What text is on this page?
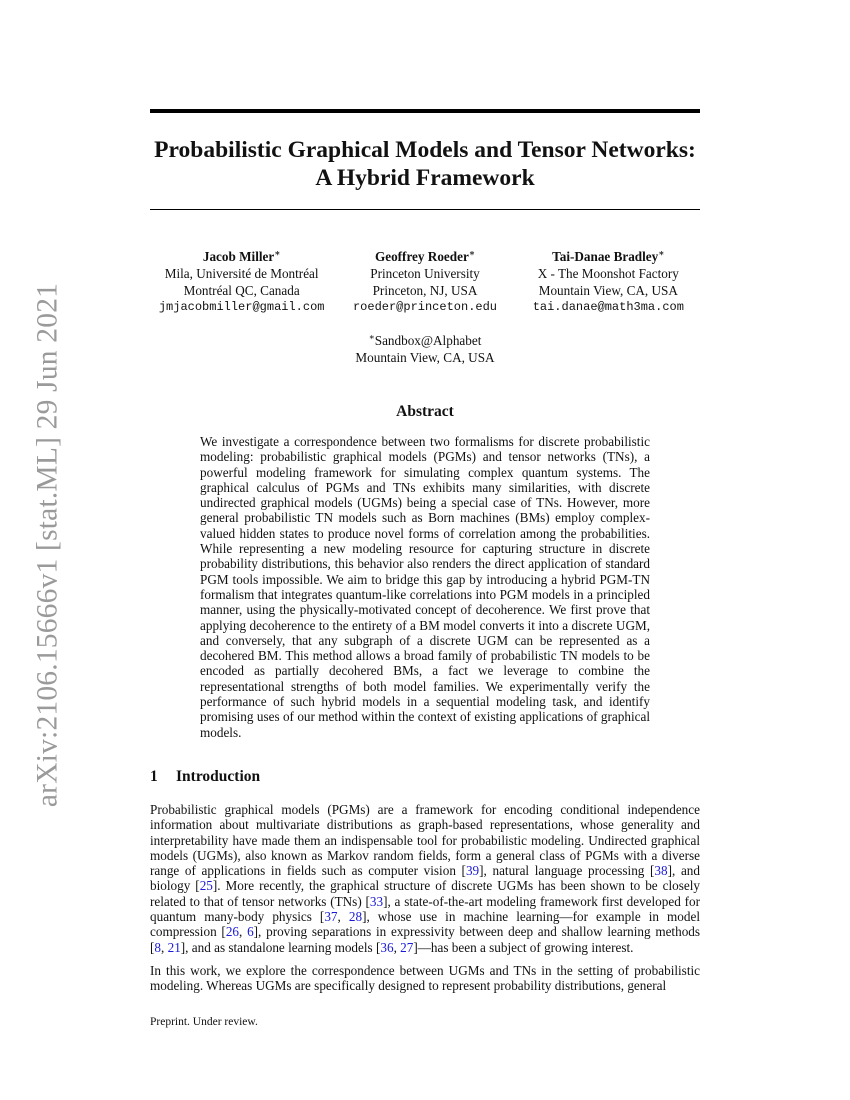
arXiv:2106.15666v1 [stat.ML] 29 Jun 2021
Probabilistic Graphical Models and Tensor Networks:
A Hybrid Framework
Jacob Miller∗
Mila, Université de Montréal
Montréal QC, Canada
jmjacobmiller@gmail.com
Geoffrey Roeder∗
Princeton University
Princeton, NJ, USA
roeder@princeton.edu
Tai-Danae Bradley∗
X - The Moonshot Factory
Mountain View, CA, USA
tai.danae@math3ma.com
∗Sandbox@Alphabet
Mountain View, CA, USA
Abstract

We investigate a correspondence between two formalisms for discrete probabilistic modeling: probabilistic graphical models (PGMs) and tensor networks (TNs), a powerful modeling framework for simulating complex quantum systems. The graphical calculus of PGMs and TNs exhibits many similarities, with discrete undirected graphical models (UGMs) being a special case of TNs. However, more general probabilistic TN models such as Born machines (BMs) employ complex-valued hidden states to produce novel forms of correlation among the probabilities. While representing a new modeling resource for capturing structure in discrete probability distributions, this behavior also renders the direct application of standard PGM tools impossible. We aim to bridge this gap by introducing a hybrid PGM-TN formalism that integrates quantum-like correlations into PGM models in a principled manner, using the physically-motivated concept of decoherence. We first prove that applying decoherence to the entirety of a BM model converts it into a discrete UGM, and conversely, that any subgraph of a discrete UGM can be represented as a decohered BM. This method allows a broad family of probabilistic TN models to be encoded as partially decohered BMs, a fact we leverage to combine the representational strengths of both model families. We experimentally verify the performance of such hybrid models in a sequential modeling task, and identify promising uses of our method within the context of existing applications of graphical models.

1 Introduction

Probabilistic graphical models (PGMs) are a framework for encoding conditional independence information about multivariate distributions as graph-based representations, whose generality and interpretability have made them an indispensable tool for probabilistic modeling. Undirected graphical models (UGMs), also known as Markov random fields, form a general class of PGMs with a diverse range of applications in fields such as computer vision [39], natural language processing [38], and biology [25]. More recently, the graphical structure of discrete UGMs has been shown to be closely related to that of tensor networks (TNs) [33], a state-of-the-art modeling framework first developed for quantum many-body physics [37, 28], whose use in machine learning—for example in model compression [26, 6], proving separations in expressivity between deep and shallow learning methods [8, 21], and as standalone learning models [36, 27]—has been a subject of growing interest.

In this work, we explore the correspondence between UGMs and TNs in the setting of probabilistic modeling. Whereas UGMs are specifically designed to represent probability distributions, general

Preprint. Under review.
